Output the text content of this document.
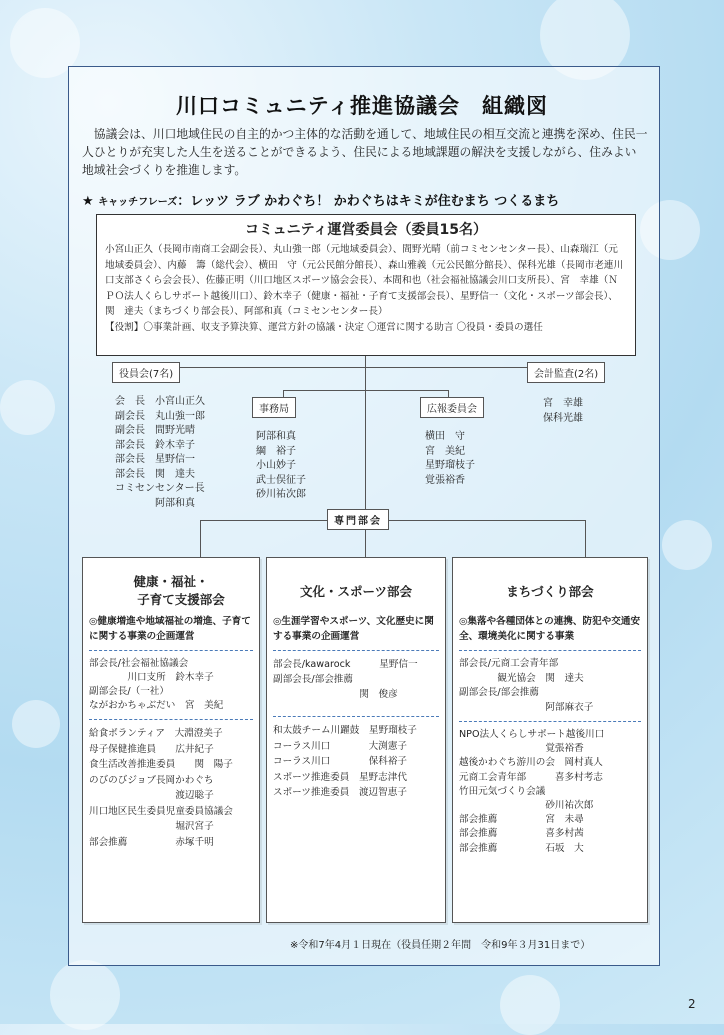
川口コミュニティ推進協議会　組織図
　協議会は、川口地域住民の自主的かつ主体的な活動を通して、地域住民の相互交流と連携を深め、住民一人ひとりが充実した人生を送ることができるよう、住民による地域課題の解決を支援しながら、住みよい地域社会づくりを推進します。
★ キャッチフレーズ：レッツ ラブ かわぐち！ かわぐちはキミが住むまち つくるまち
コミュニティ運営委員会（委員15名）
小宮山正久（長岡市南商工会副会長）、丸山強一郎（元地域委員会）、間野光晴（前コミセンセンター長）、山森瑞江（元地域委員会）、内藤　籌（総代会）、横田　守（元公民館分館長）、森山雅義（元公民館分館長）、保科光雄（長岡市老連川口支部さくら会会長）、佐藤正明（川口地区スポーツ協会会長）、本間和也（社会福祉協議会川口支所長）、宮　幸雄（ＮＰＯ法人くらしサポート越後川口）、鈴木幸子（健康・福祉・子育て支援部会長）、星野信一（文化・スポーツ部会長）、関　達夫（まちづくり部会長）、阿部和真（コミセンセンター長）
【役割】〇事業計画、収支予算決算、運営方針の協議・決定 〇運営に関する助言 〇役員・委員の選任
役員会(7名)
会　長　小宮山正久
副会長　丸山強一郎
副会長　間野光晴
部会長　鈴木幸子
部会長　星野信一
部会長　関　達夫
コミセンセンター長
　　　　阿部和真
会計監査(2名)
宮　幸雄
保科光雄
事務局
阿部和真
綱　裕子
小山妙子
武士俣征子
砂川祐次郎
広報委員会
横田　守
宮　美紀
星野瑠枝子
覚張裕香
専門部会
健康・福祉・
子育て支援部会
◎健康増進や地域福祉の増進、子育てに関する事業の企画運営
部会長/社会福祉協議会
　　　　川口支所　鈴木幸子
副部会長/（一社）
ながおかちゃぶだい　宮　美紀
給食ボランティア　大淵澄美子
母子保健推進員　　広井紀子
食生活改善推進委員　　関　陽子
のびのびジョブ長岡かわぐち
　　　　　　　　　渡辺聡子
川口地区民生委員児童委員協議会
　　　　　　　　　堀沢宮子
部会推薦　　　　　赤塚千明
文化・スポーツ部会
◎生涯学習やスポーツ、文化歴史に関する事業の企画運営
部会長/kawarock　　　星野信一
副部会長/部会推薦
　　　　　　　　　関　俊彦
和太鼓チーム川躍鼓　星野瑠枝子
コーラス川口　　　　大渕憲子
コーラス川口　　　　保科裕子
スポーツ推進委員　星野志津代
スポーツ推進委員　渡辺智恵子
まちづくり部会
◎集落や各種団体との連携、防犯や交通安全、環境美化に関する事業
部会長/元商工会青年部
　　　　観光協会　関　達夫
副部会長/部会推薦
　　　　　　　　　阿部麻衣子
NPO法人くらしサポート越後川口
　　　　　　　　　覚張裕香
越後かわぐち游川の会　岡村真人
元商工会青年部　　　喜多村考志
竹田元気づくり会議
　　　　　　　　　砂川祐次郎
部会推薦　　　　　宮　未尋
部会推薦　　　　　喜多村茜
部会推薦　　　　　石坂　大
※令和7年4月１日現在（役員任期２年間　令和9年３月31日まで）
2
